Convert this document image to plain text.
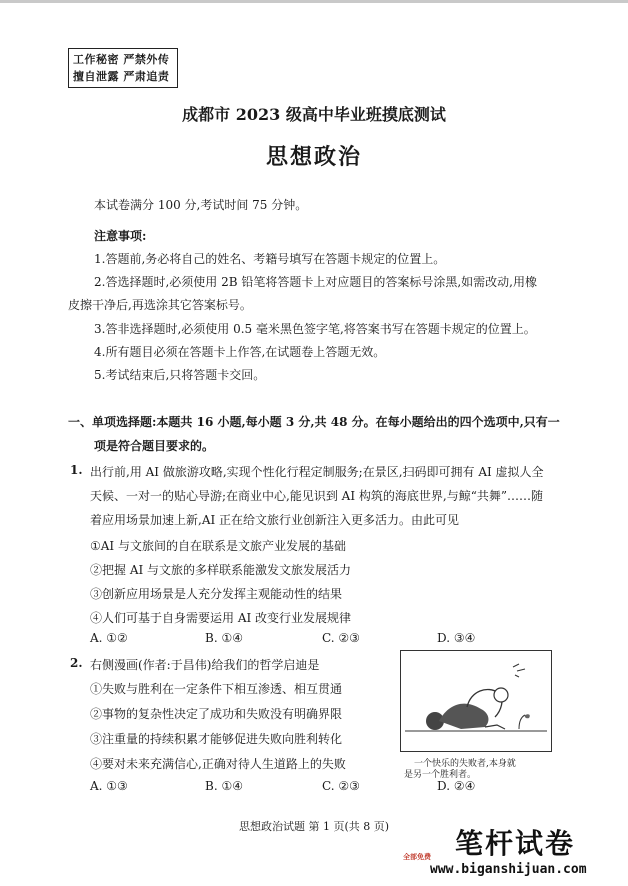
工作秘密 严禁外传
擅自泄露 严肃追责
成都市 2023 级高中毕业班摸底测试
思想政治
本试卷满分 100 分,考试时间 75 分钟。
注意事项:
1.答题前,务必将自己的姓名、考籍号填写在答题卡规定的位置上。
2.答选择题时,必须使用 2B 铅笔将答题卡上对应题目的答案标号涂黑,如需改动,用橡
皮擦干净后,再选涂其它答案标号。
3.答非选择题时,必须使用 0.5 毫米黑色签字笔,将答案书写在答题卡规定的位置上。
4.所有题目必须在答题卡上作答,在试题卷上答题无效。
5.考试结束后,只将答题卡交回。
一、单项选择题:本题共 16 小题,每小题 3 分,共 48 分。在每小题给出的四个选项中,只有一
项是符合题目要求的。
1. 出行前,用 AI 做旅游攻略,实现个性化行程定制服务;在景区,扫码即可拥有 AI 虚拟人全
天候、一对一的贴心导游;在商业中心,能见识到 AI 构筑的海底世界,与鲸“共舞”……随
着应用场景加速上新,AI 正在给文旅行业创新注入更多活力。由此可见
①AI 与文旅间的自在联系是文旅产业发展的基础
②把握 AI 与文旅的多样联系能激发文旅发展活力
③创新应用场景是人充分发挥主观能动性的结果
④人们可基于自身需要运用 AI 改变行业发展规律
A. ①②	B. ①④	C. ②③	D. ③④
2. 右侧漫画(作者:于昌伟)给我们的哲学启迪是
①失败与胜利在一定条件下相互渗透、相互贯通
②事物的复杂性决定了成功和失败没有明确界限
③注重量的持续积累才能够促进失败向胜利转化
④要对未来充满信心,正确对待人生道路上的失败
A. ①③	B. ①④	C. ②③	D. ②④
一个快乐的失败者,本身就
是另一个胜利者。
思想政治试题 第 1 页(共 8 页)
笔杆试卷
全部免费
www.biganshijuan.com
